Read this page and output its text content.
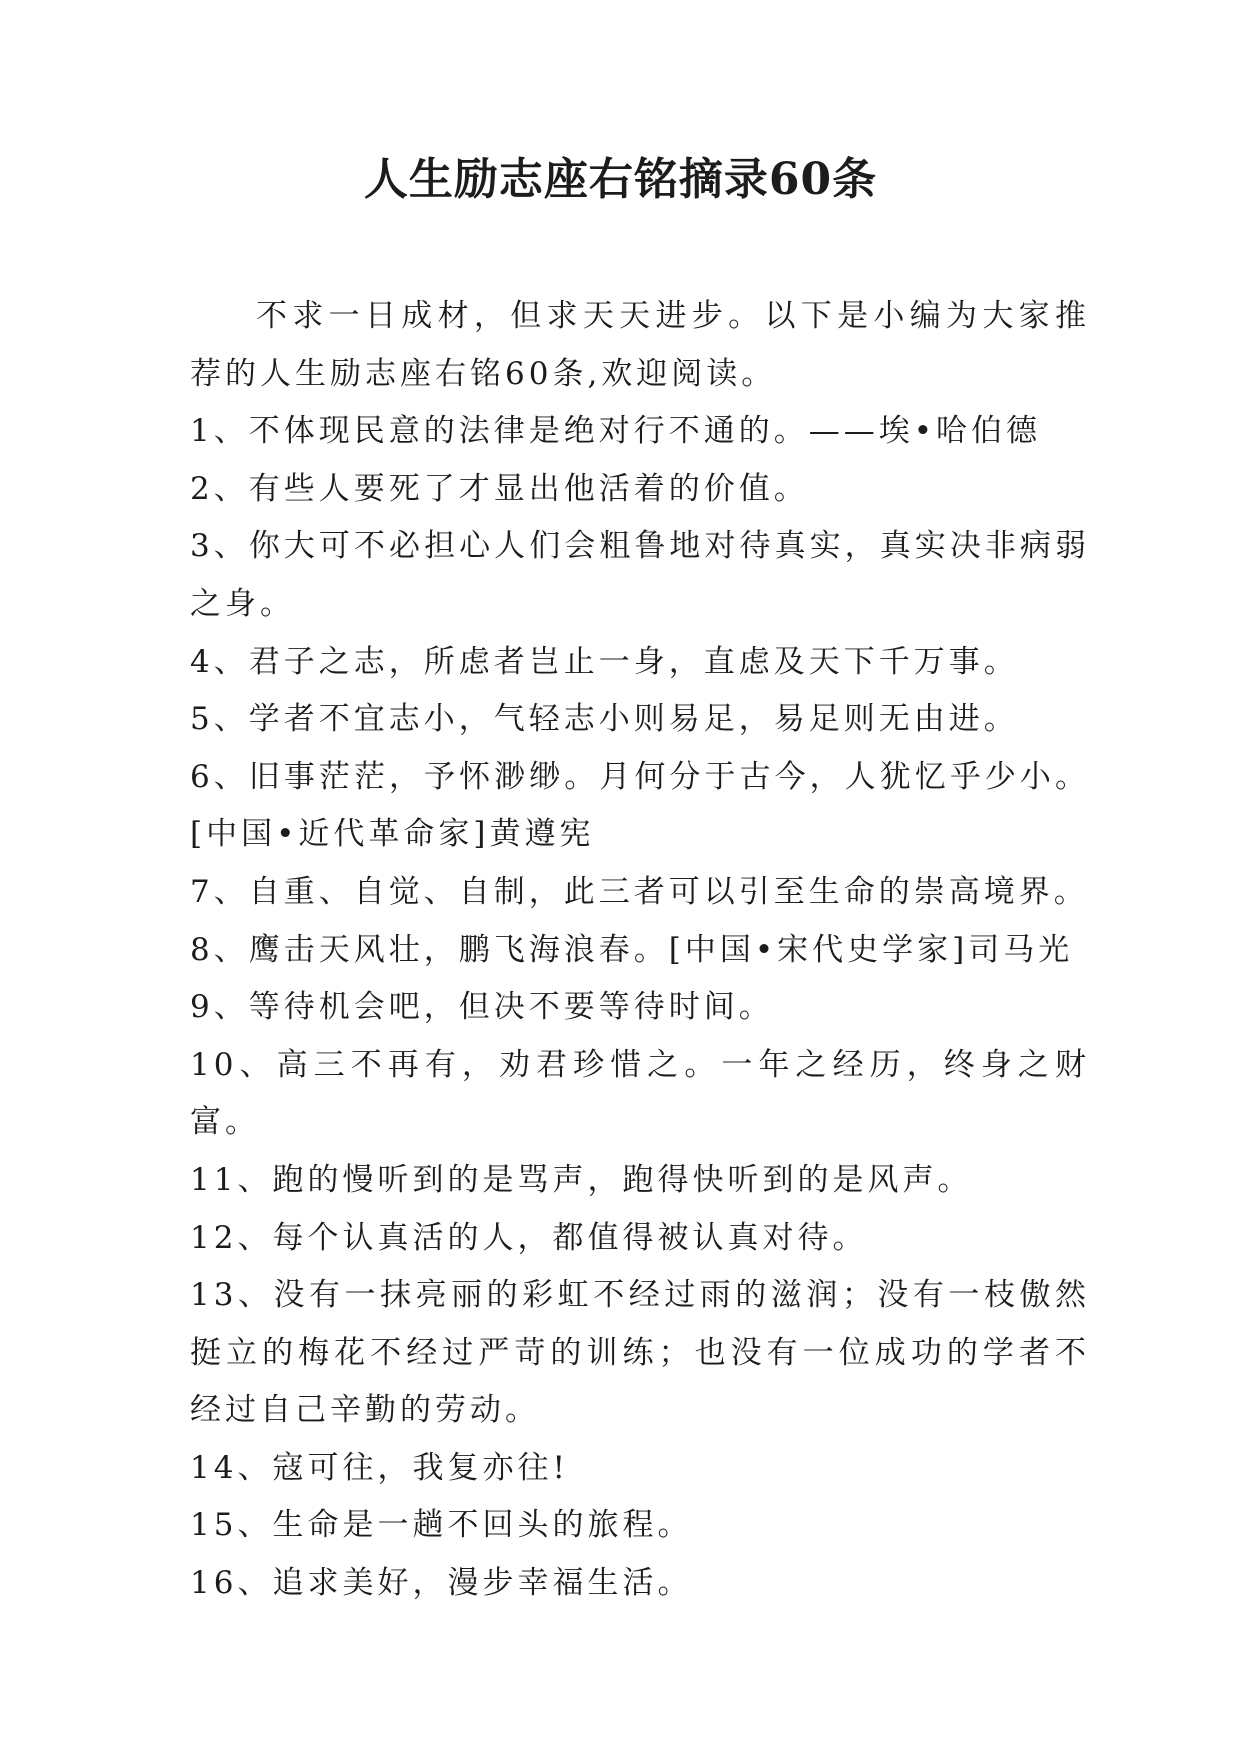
人生励志座右铭摘录60条

不求一日成材，但求天天进步。以下是小编为大家推荐的人生励志座右铭60条,欢迎阅读。

1、不体现民意的法律是绝对行不通的。——埃•哈伯德

2、有些人要死了才显出他活着的价值。

3、你大可不必担心人们会粗鲁地对待真实，真实决非病弱之身。

4、君子之志，所虑者岂止一身，直虑及天下千万事。

5、学者不宜志小，气轻志小则易足，易足则无由进。

6、旧事茫茫，予怀渺缈。月何分于古今，人犹忆乎少小。[中国•近代革命家]黄遵宪

7、自重、自觉、自制，此三者可以引至生命的崇高境界。

8、鹰击天风壮，鹏飞海浪春。[中国•宋代史学家]司马光

9、等待机会吧，但决不要等待时间。

10、高三不再有，劝君珍惜之。一年之经历，终身之财富。

11、跑的慢听到的是骂声，跑得快听到的是风声。

12、每个认真活的人，都值得被认真对待。

13、没有一抹亮丽的彩虹不经过雨的滋润；没有一枝傲然挺立的梅花不经过严苛的训练；也没有一位成功的学者不经过自己辛勤的劳动。

14、寇可往，我复亦往!

15、生命是一趟不回头的旅程。

16、追求美好，漫步幸福生活。
